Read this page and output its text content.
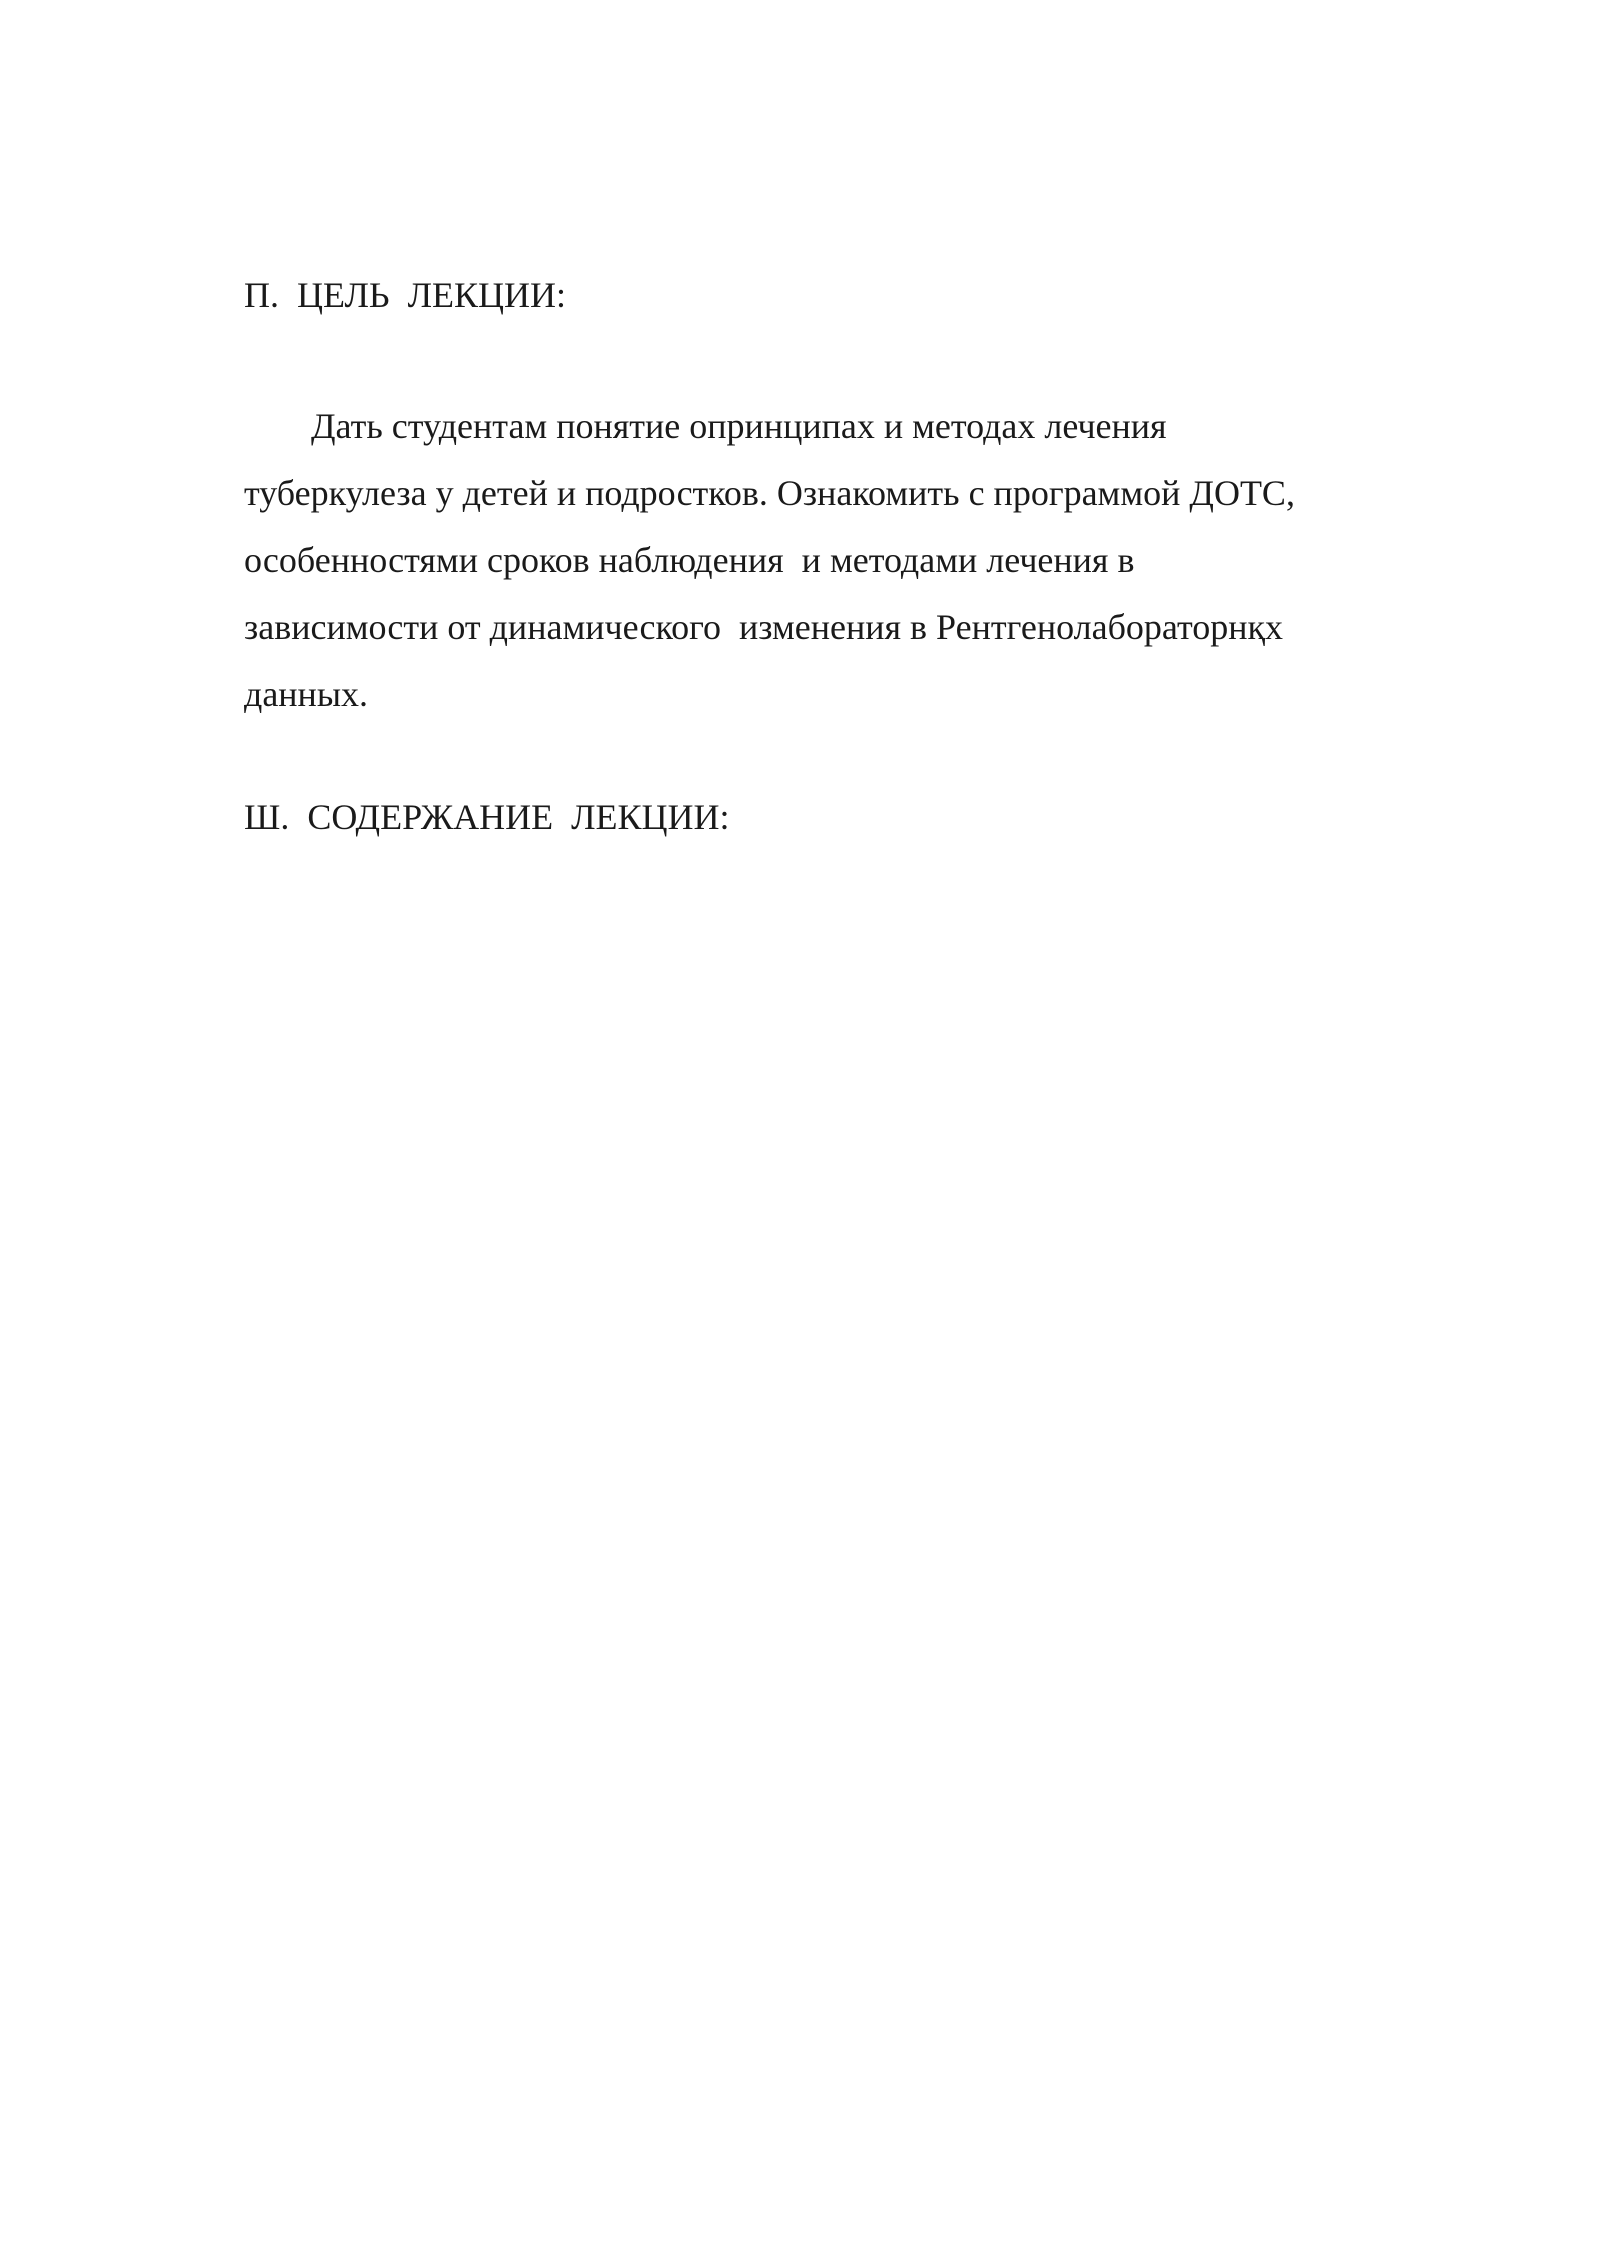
П.  ЦЕЛЬ  ЛЕКЦИИ:

Дать студентам понятие опринципах и методах лечения
туберкулеза у детей и подростков. Ознакомить с программой ДОТС,
особенностями сроков наблюдения  и методами лечения в
зависимости от динамического  изменения в Рентгенолабораторнқх
данных.

Ш.  СОДЕРЖАНИЕ  ЛЕКЦИИ:
